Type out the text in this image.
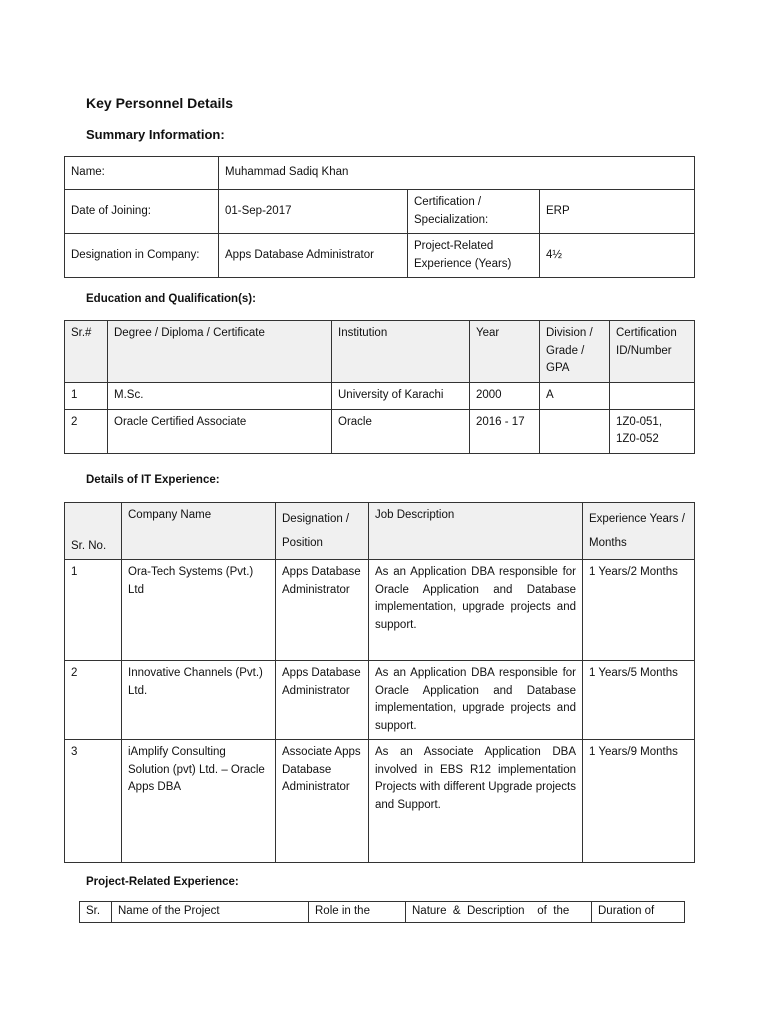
Key Personnel Details
Summary Information:
Name:	Muhammad Sadiq Khan		
Date of Joining:	01-Sep-2017	Certification / Specialization:	ERP
Designation in Company:	Apps Database Administrator	Project-Related Experience (Years)	4½
Education and Qualification(s):
Sr.#	Degree / Diploma / Certificate	Institution	Year	Division / Grade / GPA	Certification ID/Number
1	M.Sc.	University of Karachi	2000	A	
2	Oracle Certified Associate	Oracle	2016 - 17		1Z0-051, 1Z0-052
Details of IT Experience:
Sr. No.	Company Name	Designation / Position	Job Description	Experience Years / Months
1	Ora-Tech Systems (Pvt.) Ltd	Apps Database Administrator	As an Application DBA responsible for Oracle Application and Database implementation, upgrade projects and support.	1 Years/2 Months
2	Innovative Channels (Pvt.) Ltd.	Apps Database Administrator	As an Application DBA responsible for Oracle Application and Database implementation, upgrade projects and support.	1 Years/5 Months
3	iAmplify Consulting Solution (pvt) Ltd. – Oracle Apps DBA	Associate Apps Database Administrator	As an Associate Application DBA involved in EBS R12 implementation Projects with different Upgrade projects and Support.	1 Years/9 Months
Project-Related Experience:
Sr.	Name of the Project	Role in the	Nature  &  Description    of  the	Duration of
